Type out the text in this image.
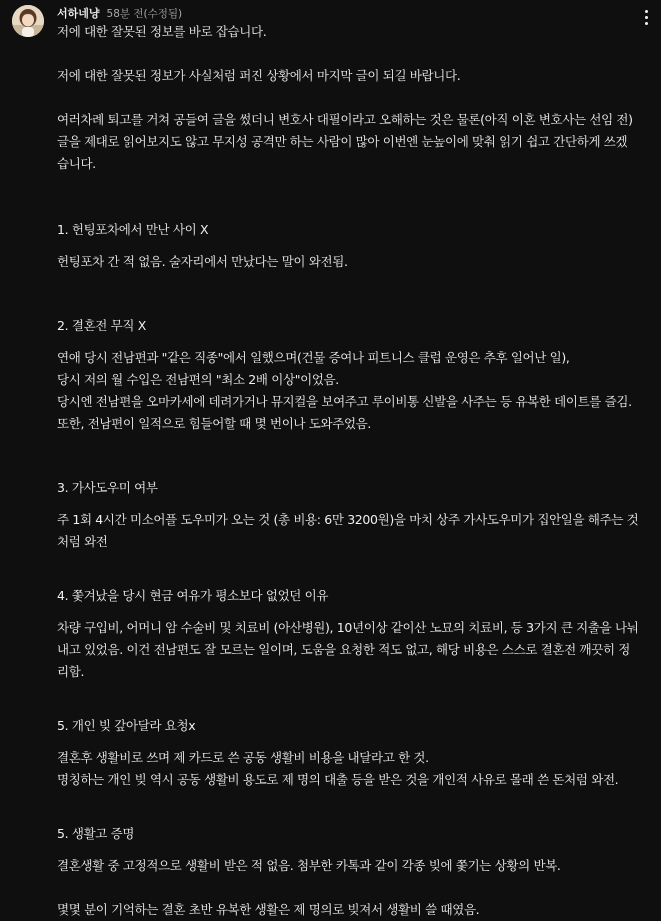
서하네냥 58분 전(수정됨)
저에 대한 잘못된 정보를 바로 잡습니다.
저에 대한 잘못된 정보가 사실처럼 퍼진 상황에서 마지막 글이 되길 바랍니다.
여러차례 퇴고를 거쳐 공들여 글을 썼더니 변호사 대필이라고 오해하는 것은 물론(아직 이혼 변호사는 선임 전)
글을 제대로 읽어보지도 않고 무지성 공격만 하는 사람이 많아 이번엔 눈높이에 맞춰 읽기 쉽고 간단하게 쓰겠
습니다.
1. 헌팅포차에서 만난 사이 X
헌팅포차 간 적 없음. 술자리에서 만났다는 말이 와전됨.
2. 결혼전 무직 X
연애 당시 전남편과 "같은 직종"에서 일했으며(건물 증여나 피트니스 클럽 운영은 추후 일어난 일),
당시 저의 월 수입은 전남편의 "최소 2배 이상"이었음.
당시엔 전남편을 오마카세에 데려가거나 뮤지컬을 보여주고 루이비통 신발을 사주는 등 유복한 데이트를 즐김.
또한, 전남편이 일적으로 힘들어할 때 몇 번이나 도와주었음.
3. 가사도우미 여부
주 1회 4시간 미소어플 도우미가 오는 것 (총 비용: 6만 3200원)을 마치 상주 가사도우미가 집안일을 해주는 것
처럼 와전
4. 쫓겨났을 당시 현금 여유가 평소보다 없었던 이유
차량 구입비, 어머니 암 수술비 및 치료비 (아산병원), 10년이상 같이산 노묘의 치료비, 등 3가지 큰 지출을 나눠
내고 있었음. 이건 전남편도 잘 모르는 일이며, 도움을 요청한 적도 없고, 해당 비용은 스스로 결혼전 깨끗히 정
리함.
5. 개인 빚 갚아달라 요청x
결혼후 생활비로 쓰며 제 카드로 쓴 공동 생활비 비용을 내달라고 한 것.
명칭하는 개인 빚 역시 공동 생활비 용도로 제 명의 대출 등을 받은 것을 개인적 사유로 몰래 쓴 돈처럼 와전.
5. 생활고 증명
결혼생활 중 고정적으로 생활비 받은 적 없음. 첨부한 카톡과 같이 각종 빚에 쫓기는 상황의 반복.
몇몇 분이 기억하는 결혼 초반 유복한 생활은 제 명의로 빚져서 생활비 쓸 때였음.
